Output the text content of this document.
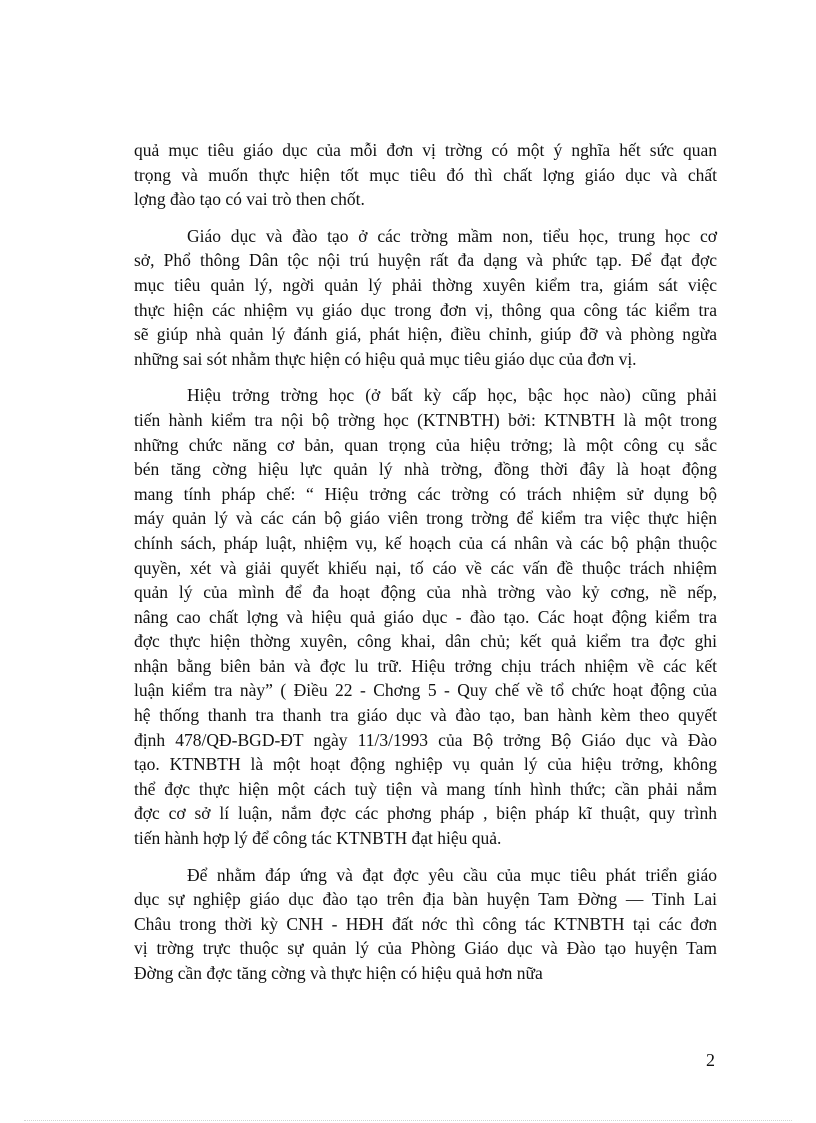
quả mục tiêu giáo dục của mỗi đơn vị trờng có một ý nghĩa hết sức quan
trọng và muốn thực hiện tốt mục tiêu đó thì chất lợng giáo dục và chất
lợng đào tạo có vai trò then chốt.
Giáo dục và đào tạo ở các trờng mầm non, tiểu học, trung học cơ
sở, Phổ thông Dân tộc nội trú huyện rất đa dạng và phức tạp. Để đạt đợc
mục tiêu quản lý, ngời quản lý phải thờng xuyên kiểm tra, giám sát việc
thực hiện các nhiệm vụ giáo dục trong đơn vị, thông qua công tác kiểm tra
sẽ giúp nhà quản lý đánh giá, phát hiện, điều chỉnh, giúp đỡ và phòng ngừa
những sai sót nhằm thực hiện có hiệu quả mục tiêu giáo dục của đơn vị.
Hiệu trởng trờng học (ở bất kỳ cấp học, bậc học nào) cũng phải
tiến hành kiểm tra nội bộ trờng học (KTNBTH) bởi: KTNBTH là một trong
những chức năng cơ bản, quan trọng của hiệu trởng; là một công cụ sắc
bén tăng cờng hiệu lực quản lý nhà trờng, đồng thời đây là hoạt động
mang tính pháp chế: “ Hiệu trởng các trờng có trách nhiệm sử dụng bộ
máy quản lý và các cán bộ giáo viên trong trờng để kiểm tra việc thực hiện
chính sách, pháp luật, nhiệm vụ, kế hoạch của cá nhân và các bộ phận thuộc
quyền, xét và giải quyết khiếu nại, tố cáo về các vấn đề thuộc trách nhiệm
quản lý của mình để đa hoạt động của nhà trờng vào kỷ cơng, nề nếp,
nâng cao chất lợng và hiệu quả giáo dục - đào tạo. Các hoạt động kiểm tra
đợc thực hiện thờng xuyên, công khai, dân chủ; kết quả kiểm tra đợc ghi
nhận bằng biên bản và đợc lu trữ. Hiệu trởng chịu trách nhiệm về các kết
luận kiểm tra này” ( Điều 22 - Chơng 5 - Quy chế về tổ chức hoạt động của
hệ thống thanh tra thanh tra giáo dục và đào tạo, ban hành kèm theo quyết
định 478/QĐ-BGD-ĐT ngày 11/3/1993 của Bộ trởng Bộ Giáo dục và Đào
tạo. KTNBTH là một hoạt động nghiệp vụ quản lý của hiệu trởng, không
thể đợc thực hiện một cách tuỳ tiện và mang tính hình thức; cần phải nắm
đợc cơ sở lí luận, nắm đợc các phơng pháp , biện pháp kĩ thuật, quy trình
tiến hành hợp lý để công tác KTNBTH đạt hiệu quả.
Để nhằm đáp ứng và đạt đợc yêu cầu của mục tiêu phát triển giáo
dục sự nghiệp giáo dục đào tạo trên địa bàn huyện Tam Đờng — Tỉnh Lai
Châu trong thời kỳ CNH - HĐH đất nớc thì công tác KTNBTH tại các đơn
vị trờng trực thuộc sự quản lý của Phòng Giáo dục và Đào tạo huyện Tam
Đờng cần đợc tăng cờng và thực hiện có hiệu quả hơn nữa
2
